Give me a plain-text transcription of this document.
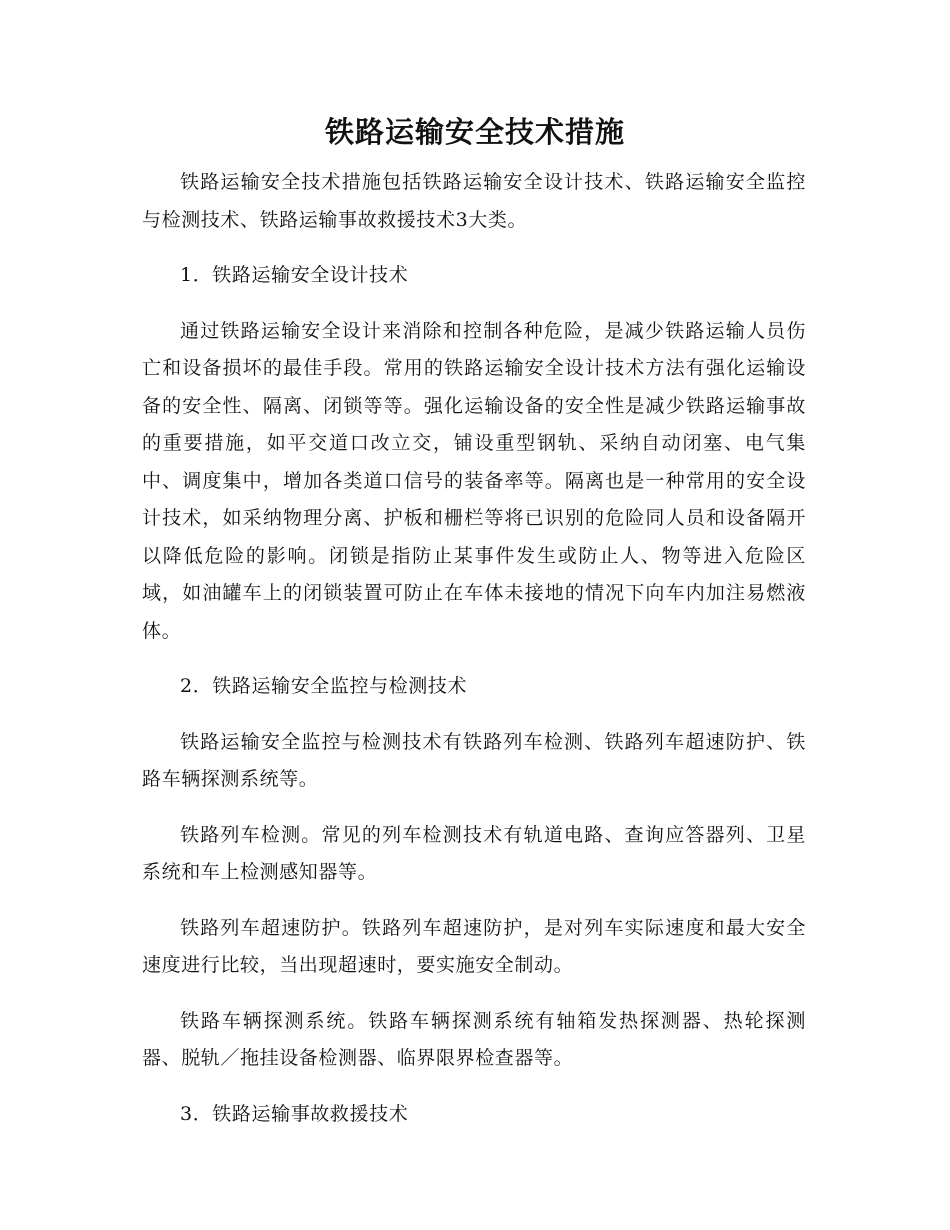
铁路运输安全技术措施

铁路运输安全技术措施包括铁路运输安全设计技术、铁路运输安全监控与检测技术、铁路运输事故救援技术3大类。

1．铁路运输安全设计技术

通过铁路运输安全设计来消除和控制各种危险，是减少铁路运输人员伤亡和设备损坏的最佳手段。常用的铁路运输安全设计技术方法有强化运输设备的安全性、隔离、闭锁等等。强化运输设备的安全性是减少铁路运输事故的重要措施，如平交道口改立交，铺设重型钢轨、采纳自动闭塞、电气集中、调度集中，增加各类道口信号的装备率等。隔离也是一种常用的安全设计技术，如采纳物理分离、护板和栅栏等将已识别的危险同人员和设备隔开以降低危险的影响。闭锁是指防止某事件发生或防止人、物等进入危险区域，如油罐车上的闭锁装置可防止在车体未接地的情况下向车内加注易燃液体。

2．铁路运输安全监控与检测技术

铁路运输安全监控与检测技术有铁路列车检测、铁路列车超速防护、铁路车辆探测系统等。

铁路列车检测。常见的列车检测技术有轨道电路、查询应答器列、卫星系统和车上检测感知器等。

铁路列车超速防护。铁路列车超速防护，是对列车实际速度和最大安全速度进行比较，当出现超速时，要实施安全制动。

铁路车辆探测系统。铁路车辆探测系统有轴箱发热探测器、热轮探测器、脱轨／拖挂设备检测器、临界限界检查器等。

3．铁路运输事故救援技术
